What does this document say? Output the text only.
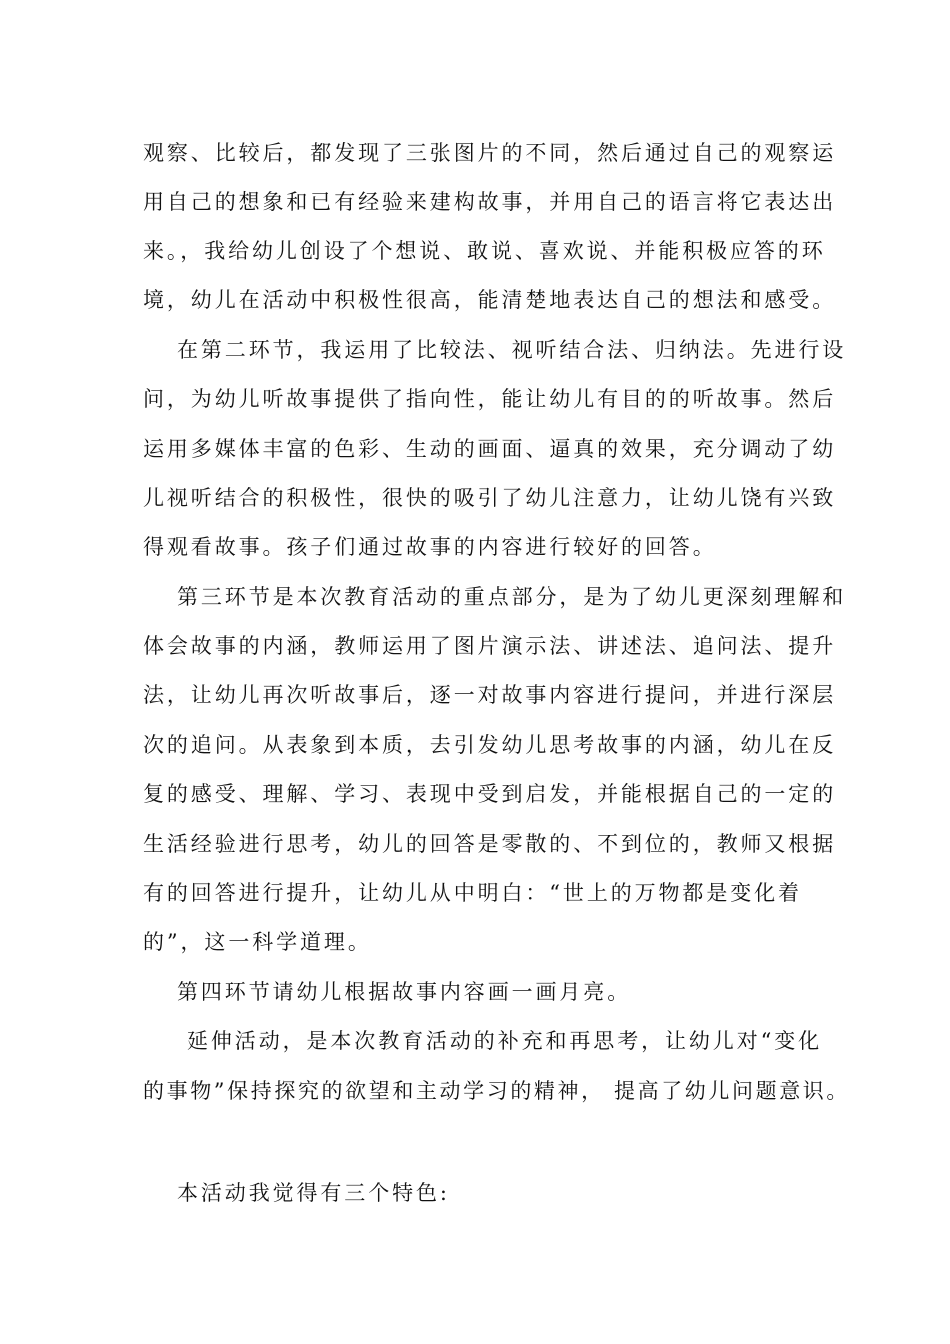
观察、比较后，都发现了三张图片的不同，然后通过自己的观察运
用自己的想象和已有经验来建构故事，并用自己的语言将它表达出
来。，我给幼儿创设了个想说、敢说、喜欢说、并能积极应答的环
境，幼儿在活动中积极性很高，能清楚地表达自己的想法和感受。
在第二环节，我运用了比较法、视听结合法、归纳法。先进行设
问，为幼儿听故事提供了指向性，能让幼儿有目的的听故事。然后
运用多媒体丰富的色彩、生动的画面、逼真的效果，充分调动了幼
儿视听结合的积极性，很快的吸引了幼儿注意力，让幼儿饶有兴致
得观看故事。孩子们通过故事的内容进行较好的回答。
第三环节是本次教育活动的重点部分，是为了幼儿更深刻理解和
体会故事的内涵，教师运用了图片演示法、讲述法、追问法、提升
法，让幼儿再次听故事后，逐一对故事内容进行提问，并进行深层
次的追问。从表象到本质，去引发幼儿思考故事的内涵，幼儿在反
复的感受、理解、学习、表现中受到启发，并能根据自己的一定的
生活经验进行思考，幼儿的回答是零散的、不到位的，教师又根据
有的回答进行提升，让幼儿从中明白：“世上的万物都是变化着
的”，这一科学道理。
第四环节请幼儿根据故事内容画一画月亮。
延伸活动，是本次教育活动的补充和再思考，让幼儿对“变化
的事物”保持探究的欲望和主动学习的精神， 提高了幼儿问题意识。
本活动我觉得有三个特色:
